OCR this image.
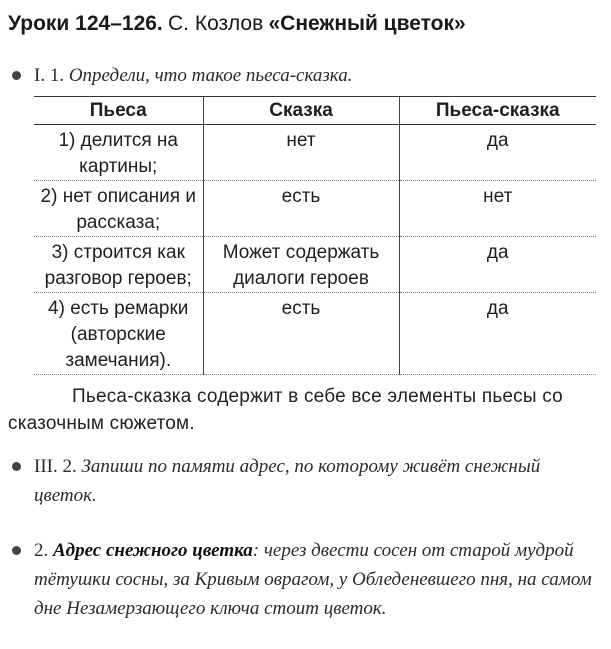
Уроки 124–126. С. Козлов «Снежный цветок»
I. 1. Определи, что такое пьеса-сказка.
Пьеса	Сказка	Пьеса-сказка
1) делится на картины;	нет	да
2) нет описания и рассказа;	есть	нет
3) строится как разговор героев;	Может содержать диалоги героев	да
4) есть ремарки (авторские замечания).	есть	да
Пьеса-сказка содержит в себе все элементы пьесы со сказочным сюжетом.
III. 2. Запиши по памяти адрес, по которому живёт снежный цветок.
2. Адрес снежного цветка: через двести сосен от старой мудрой тётушки сосны, за Кривым оврагом, у Обледеневшего пня, на самом дне Незамерзающего ключа стоит цветок.
